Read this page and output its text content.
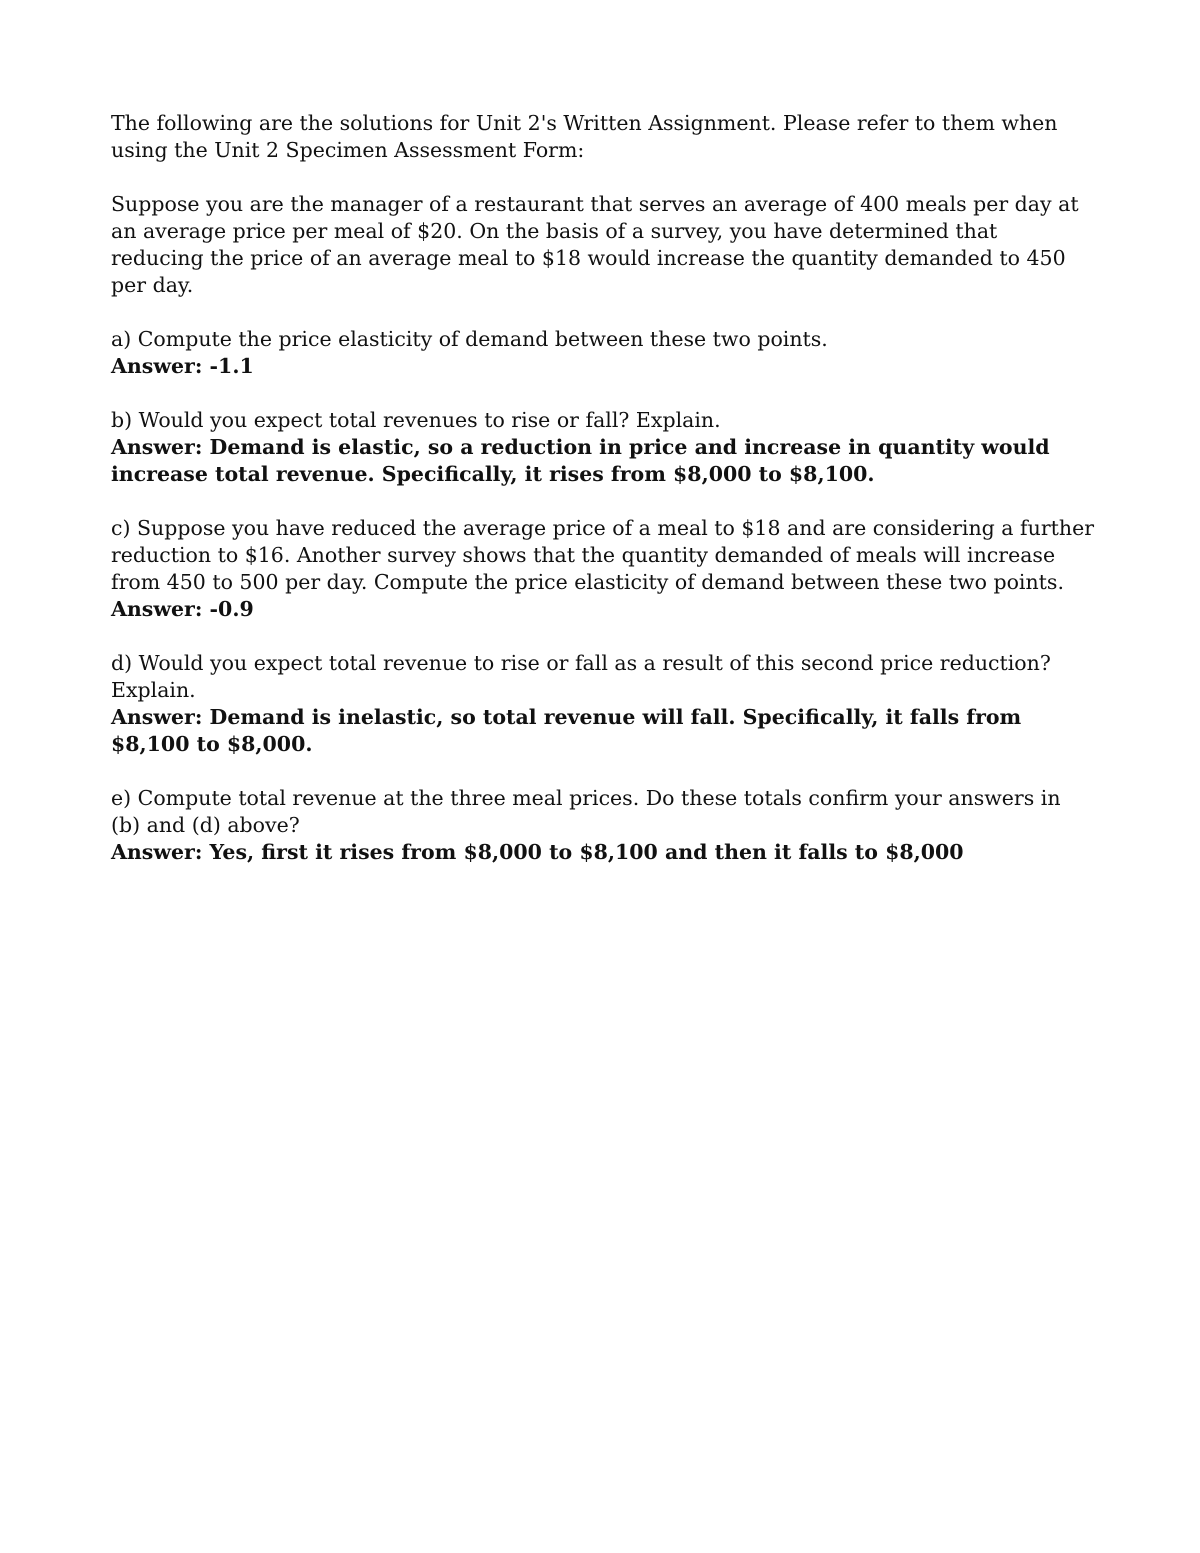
The following are the solutions for Unit 2's Written Assignment. Please refer to them when using the Unit 2 Specimen Assessment Form:

Suppose you are the manager of a restaurant that serves an average of 400 meals per day at an average price per meal of $20. On the basis of a survey, you have determined that reducing the price of an average meal to $18 would increase the quantity demanded to 450 per day.

a) Compute the price elasticity of demand between these two points.
Answer: -1.1
b) Would you expect total revenues to rise or fall? Explain.
Answer: Demand is elastic, so a reduction in price and increase in quantity would increase total revenue. Specifically, it rises from $8,000 to $8,100.
c) Suppose you have reduced the average price of a meal to $18 and are considering a further reduction to $16. Another survey shows that the quantity demanded of meals will increase from 450 to 500 per day. Compute the price elasticity of demand between these two points.
Answer: -0.9
d) Would you expect total revenue to rise or fall as a result of this second price reduction? Explain.
Answer: Demand is inelastic, so total revenue will fall. Specifically, it falls from $8,100 to $8,000.
e) Compute total revenue at the three meal prices. Do these totals confirm your answers in (b) and (d) above?
Answer: Yes, first it rises from $8,000 to $8,100 and then it falls to $8,000
